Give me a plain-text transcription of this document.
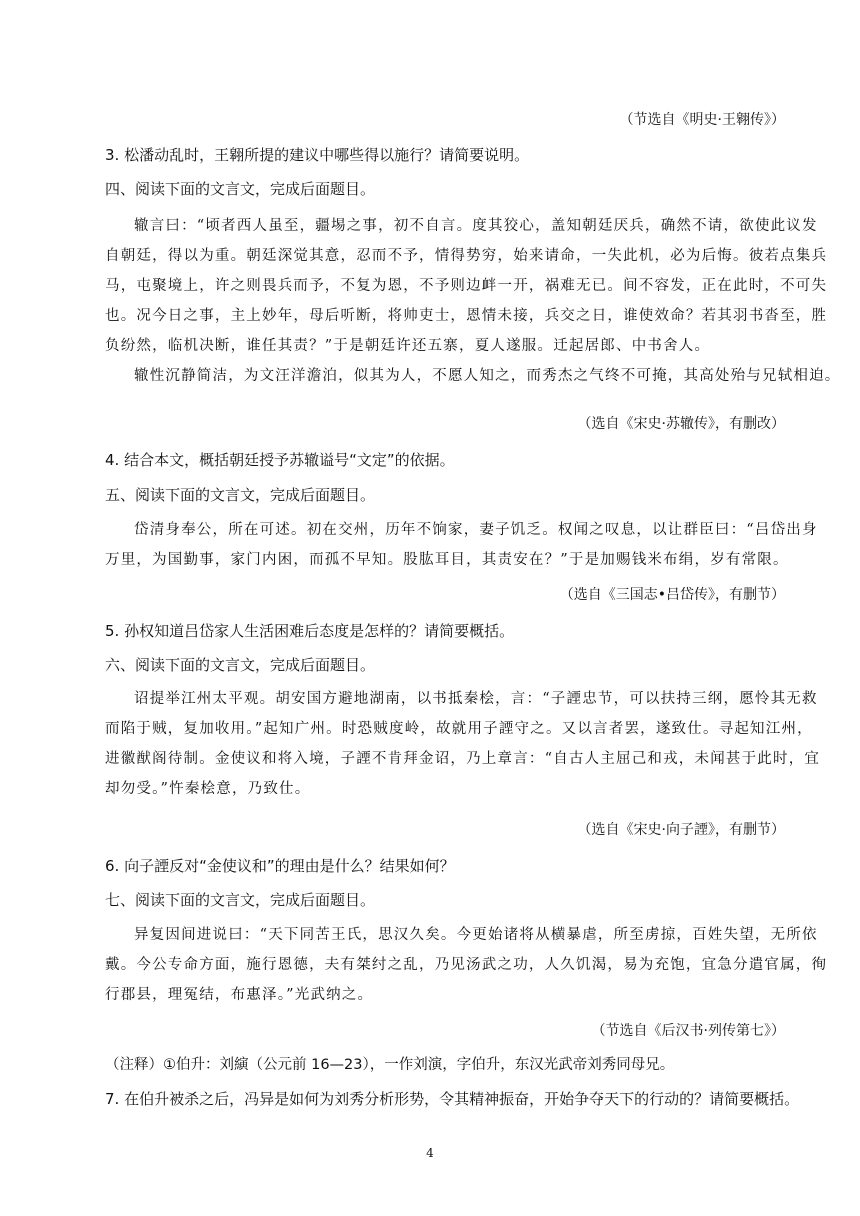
（节选自《明史·王翱传》）
3. 松潘动乱时，王翱所提的建议中哪些得以施行？请简要说明。
四、阅读下面的文言文，完成后面题目。
辙言曰：“顷者西人虽至，疆埸之事，初不自言。度其狡心，盖知朝廷厌兵，确然不请，欲使此议发
自朝廷，得以为重。朝廷深觉其意，忍而不予，情得势穷，始来请命，一失此机，必为后悔。彼若点集兵
马，屯聚境上，许之则畏兵而予，不复为恩，不予则边衅一开，祸难无已。间不容发，正在此时，不可失
也。况今日之事，主上妙年，母后听断，将帅吏士，恩情未接，兵交之日，谁使效命？若其羽书沓至，胜
负纷然，临机决断，谁任其责？”于是朝廷许还五寨，夏人遂服。迁起居郎、中书舍人。
辙性沉静简洁，为文汪洋澹泊，似其为人，不愿人知之，而秀杰之气终不可掩，其高处殆与兄轼相迫。
（选自《宋史·苏辙传》，有删改）
4. 结合本文，概括朝廷授予苏辙谥号“文定”的依据。
五、阅读下面的文言文，完成后面题目。
岱清身奉公，所在可述。初在交州，历年不饷家，妻子饥乏。权闻之叹息，以让群臣曰：“吕岱出身
万里，为国勤事，家门内困，而孤不早知。股肱耳目，其责安在？”于是加赐钱米布绢，岁有常限。
（选自《三国志•吕岱传》，有删节）
5. 孙权知道吕岱家人生活困难后态度是怎样的？请简要概括。
六、阅读下面的文言文，完成后面题目。
诏提举江州太平观。胡安国方避地湖南，以书抵秦桧，言：“子諲忠节，可以扶持三纲，愿怜其无救
而陷于贼，复加收用。”起知广州。时恐贼度岭，故就用子諲守之。又以言者罢，遂致仕。寻起知江州，
进徽猷阁待制。金使议和将入境，子諲不肯拜金诏，乃上章言：“自古人主屈己和戎，未闻甚于此时，宜
却勿受。”忤秦桧意，乃致仕。
（选自《宋史·向子諲》，有删节）
6. 向子諲反对“金使议和”的理由是什么？结果如何？
七、阅读下面的文言文，完成后面题目。
异复因间进说曰：“天下同苦王氏，思汉久矣。今更始诸将从横暴虐，所至虏掠，百姓失望，无所依
戴。今公专命方面，施行恩德，夫有桀纣之乱，乃见汤武之功，人久饥渴，易为充饱，宜急分遣官属，徇
行郡县，理冤结，布惠泽。”光武纳之。
（节选自《后汉书·列传第七》）
（注释）①伯升：刘縯（公元前 16—23），一作刘演，字伯升，东汉光武帝刘秀同母兄。
7. 在伯升被杀之后，冯异是如何为刘秀分析形势，令其精神振奋，开始争夺天下的行动的？请简要概括。
4
